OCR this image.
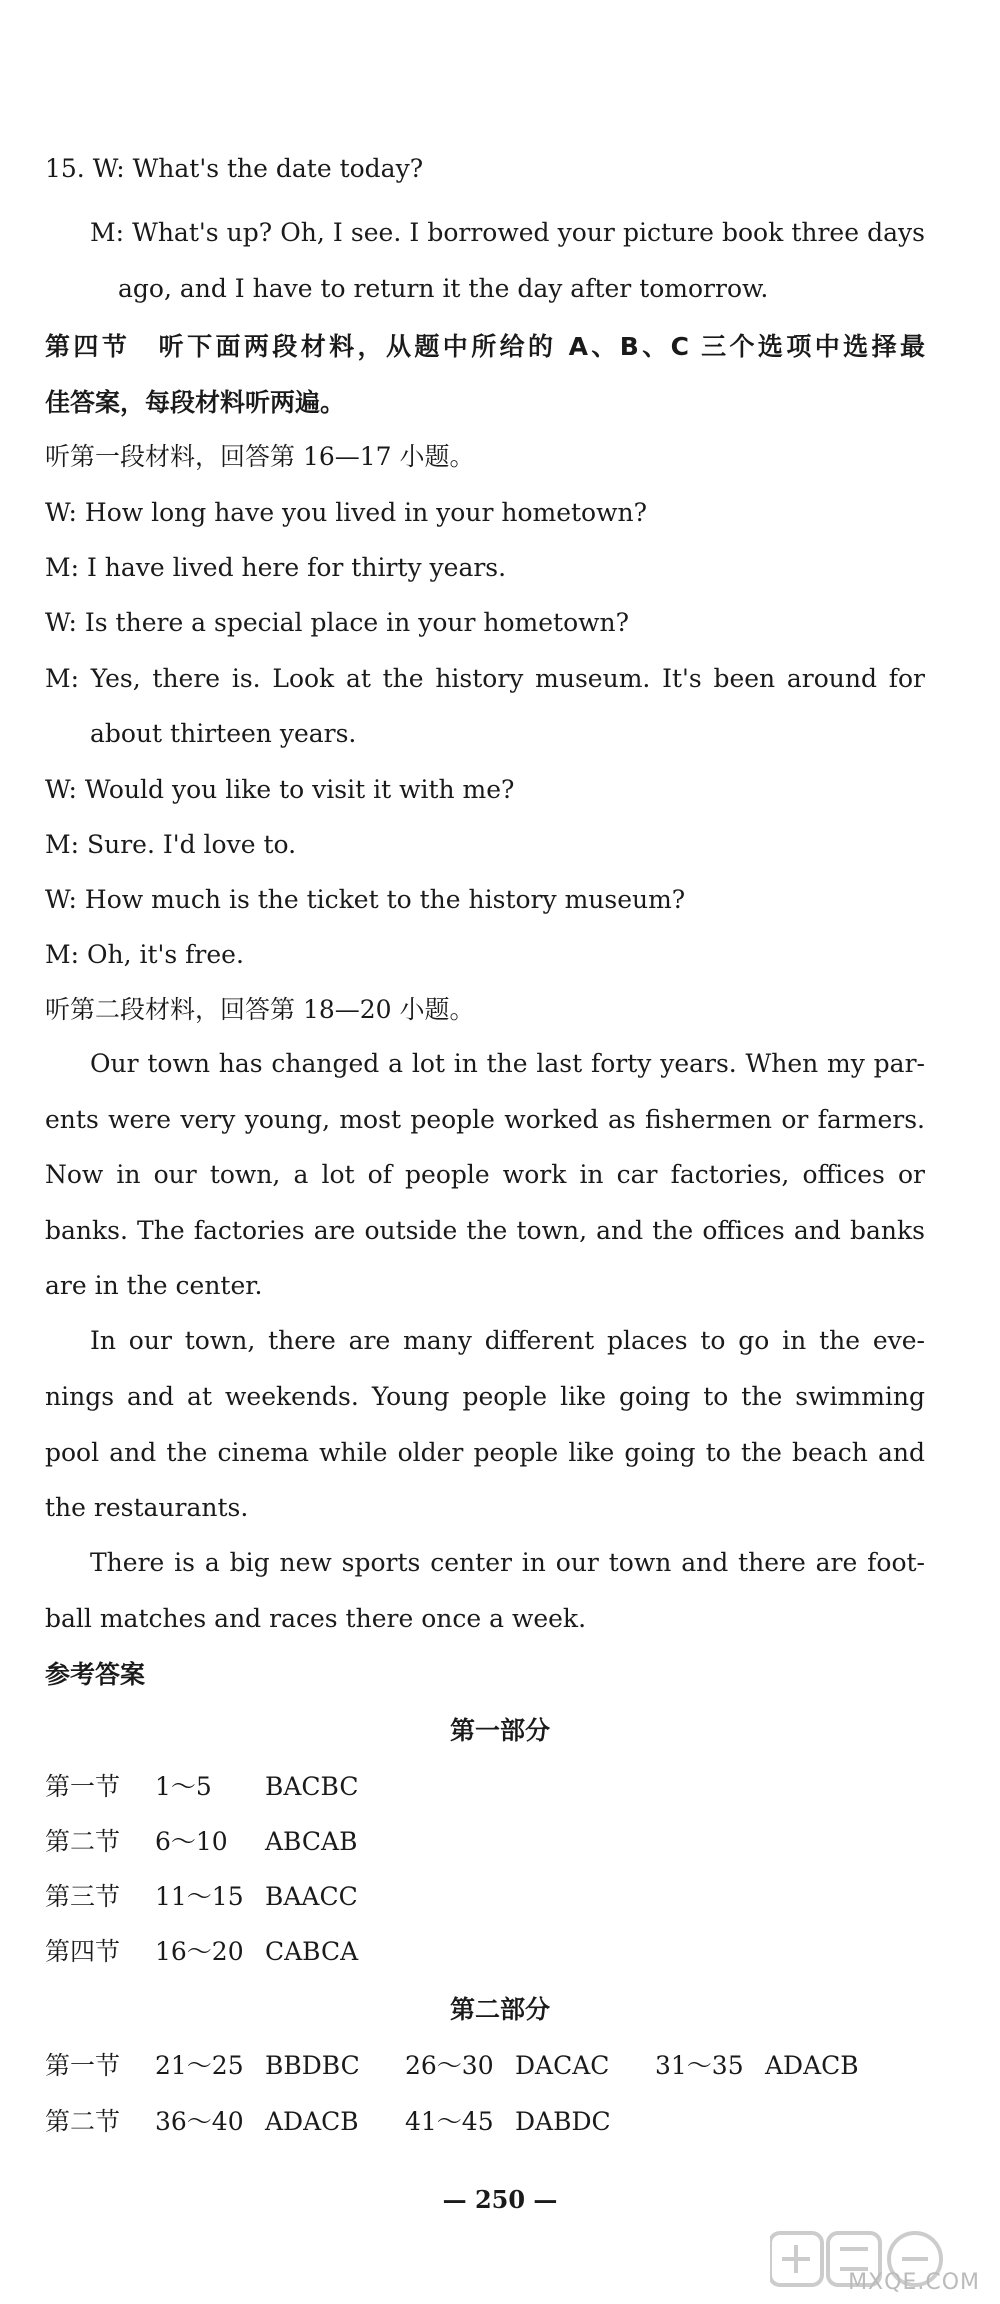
15. W: What's the date today?
M: What's up? Oh, I see. I borrowed your picture book three days
ago, and I have to return it the day after tomorrow.
第四节　听下面两段材料，从题中所给的 A、B、C 三个选项中选择最
佳答案，每段材料听两遍。
听第一段材料，回答第 16—17 小题。
W: How long have you lived in your hometown?
M: I have lived here for thirty years.
W: Is there a special place in your hometown?
M: Yes, there is. Look at the history museum. It's been around for
about thirteen years.
W: Would you like to visit it with me?
M: Sure. I'd love to.
W: How much is the ticket to the history museum?
M: Oh, it's free.
听第二段材料，回答第 18—20 小题。
Our town has changed a lot in the last forty years. When my par-
ents were very young, most people worked as fishermen or farmers.
Now in our town, a lot of people work in car factories, offices or
banks. The factories are outside the town, and the offices and banks
are in the center.
In our town, there are many different places to go in the eve-
nings and at weekends. Young people like going to the swimming
pool and the cinema while older people like going to the beach and
the restaurants.
There is a big new sports center in our town and there are foot-
ball matches and races there once a week.
参考答案
第一部分
第一节 1～5 BACBC
第二节 6～10 ABCAB
第三节 11～15 BAACC
第四节 16～20 CABCA
第二部分
第一节 21～25 BBDBC 26～30 DACAC 31～35 ADACB
第二节 36～40 ADACB 41～45 DABDC
— 250 —
MXQE.COM
